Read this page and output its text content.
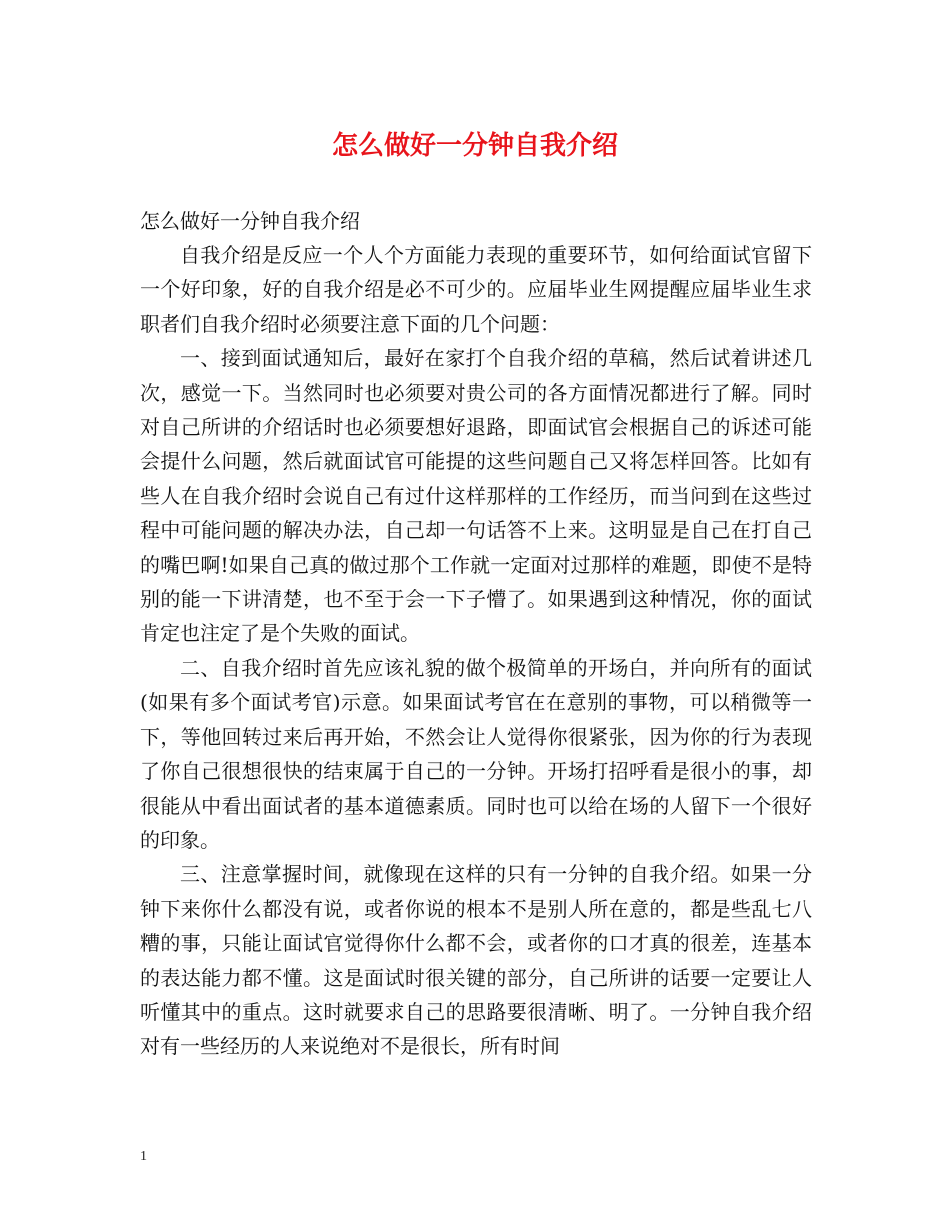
怎么做好一分钟自我介绍

怎么做好一分钟自我介绍

自我介绍是反应一个人个方面能力表现的重要环节，如何给面试官留下一个好印象，好的自我介绍是必不可少的。应届毕业生网提醒应届毕业生求职者们自我介绍时必须要注意下面的几个问题：

一、接到面试通知后，最好在家打个自我介绍的草稿，然后试着讲述几次，感觉一下。当然同时也必须要对贵公司的各方面情况都进行了解。同时对自己所讲的介绍话时也必须要想好退路，即面试官会根据自己的诉述可能会提什么问题，然后就面试官可能提的这些问题自己又将怎样回答。比如有些人在自我介绍时会说自己有过什这样那样的工作经历，而当问到在这些过程中可能问题的解决办法，自己却一句话答不上来。这明显是自己在打自己的嘴巴啊!如果自己真的做过那个工作就一定面对过那样的难题，即使不是特别的能一下讲清楚，也不至于会一下子懵了。如果遇到这种情况，你的面试肯定也注定了是个失败的面试。

二、自我介绍时首先应该礼貌的做个极简单的开场白，并向所有的面试(如果有多个面试考官)示意。如果面试考官在在意别的事物，可以稍微等一下，等他回转过来后再开始，不然会让人觉得你很紧张，因为你的行为表现了你自己很想很快的结束属于自己的一分钟。开场打招呼看是很小的事，却很能从中看出面试者的基本道德素质。同时也可以给在场的人留下一个很好的印象。

三、注意掌握时间，就像现在这样的只有一分钟的自我介绍。如果一分钟下来你什么都没有说，或者你说的根本不是别人所在意的，都是些乱七八糟的事，只能让面试官觉得你什么都不会，或者你的口才真的很差，连基本的表达能力都不懂。这是面试时很关键的部分，自己所讲的话要一定要让人听懂其中的重点。这时就要求自己的思路要很清晰、明了。一分钟自我介绍对有一些经历的人来说绝对不是很长，所有时间

1
